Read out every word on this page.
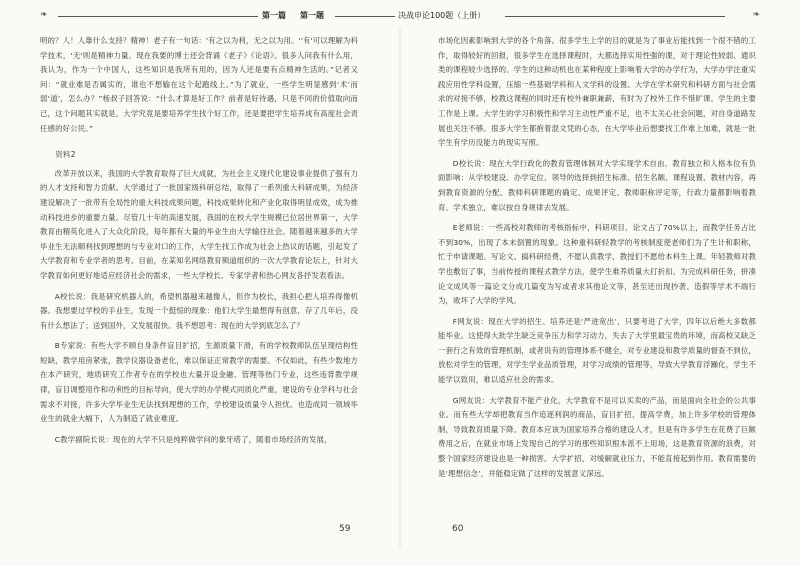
❧	第一篇 第一题	决战申论100题（上册）	❧

明的？人！人靠什么支持？精神！老子有一句话：'有之以为利，无之以为用。''有'可以理解为科学技术，'无'则是精神力量。现在我要的博士还会背诵《老子》《论语》。很多人问我有什么用，我认为，作为一个中国人，这些知识是我所有用的，因为人还是要有点精神生活的。”记者又问：“就业难是否属实的，谁也不想输在这个起跑线上。”为了就业，一些学生明显感到‘术’而弱‘道’，怎么办？”杨叔子回答说：“什么才算是好工作？前者是好待遇，只是不同的价值取向而已，这个问题其实就是，大学究竟是要培养学生找个好工作，还是要把学生培养成有高度社会责任感的好公民。”

资料2

改革开放以来，我国的大学教育取得了巨大成就，为社会主义现代化建设事业提供了强有力的人才支持和智力贡献。大学通过了一批国家级科研总结，取得了一系列重大科研成果，为经济建设解决了一批带有全局性的重大科技成果问题，科技成果转化和产业化取得明显成效，成为推动科技进步的重要力量。尽管几十年的高速发展，我国的在校大学生规模已位居世界第一，大学教育由精英化进入了大众化阶段，每年都有大量的毕业生由大学输往社会。随着越来越多的大学毕业生无法顺利找到理想的与专业对口的工作，大学生找工作成为社会上热议的话题，引起发了大学教育和专业学者的思考。目前，在某知名网络教育频道组织的一次大学教育论坛上，针对大学教育如何更好地适应经济社会的需求，一些大学校长、专家学者和热心网友各抒发表看法。

A校长说：我是研究机器人的，希望机器越来越像人，但作为校长，我担心把人培养得像机器。我想要过学校的手业生，发现一个挺惊的现象：他们大学生最想得有创意，存了几年后，没有什么想法了；送到国外，又发展很快。我不想思考：现在的大学到底怎么了？

B专家说：有些大学不顾自身条件盲目扩招，生源质量下滑，有的学校教师队伍呈现结构性短缺，教学用房紧张，教学仪器设备老化，难以保证正常教学的需要。不仅如此，有些少数地方在本产研究，地质研究工作者专在的学校也大量开设金融、管理等热门专业，这些违背教学规律，盲目调整用作和功利性的目标导向，使大学的办学模式同质化严重，建设的专业学科与社会需求不对接，许多大学毕业生无法找到理想的工作，学校建设质量令人担忧。也造成同一领域毕业生的就业大幅下，人为制造了就业难度。

C教学副院长说：现在的大学不只是纯粹做学问的象牙塔了，随着市场经济的发展，

市场化因素影响到大学的各个角落。很多学生上学的目的就是为了事业后能找到一个很不错的工作，取得较好的回报，很多学生在选择课程时，大都选择实用性强的课，对于理论性较弱、通识类的课程较少选择的。学生的这种动机也在某种程度上影响着大学的办学行为，大学办学注重实践应用性学科设置，压缩一些基础学科和人文学科的设置。大学在学术研究和科研方面与社会需求的对接不够，校教这课程的同时还有校外兼职兼薪，有时为了校外工作不惜旷课。学生的主要工作是上课。大学生的学习积极性和学习主动性严重不足，也不太关心社会问题，对自身道路发展也关注不够。很多大学生都抱着混文凭的心态，在大学毕业后想要找工作难上加难，就是一批学生有学历没能力的现实写照。

D校长说：现在大学行政化的教育管理体制对大学实现学术自由、教育独立和人格本位有负面影响：从学校建设、办学定位、领导的选择到招生标准、招生名额、课程设置、教材内容，再到教育资源的分配、教师科研课题的确定、成果评定、教师职称评定等，行政力量都影响着教育、学术独立，难以按自身规律去发展。

E老师说：一些高校对教师的考核指标中，科研项目、论文占了70%以上，而教学任务占比不到30%，出现了本末倒置的现象。这种重科研轻教学的考核制度使老师们为了生计和职称，忙于申请课题、写论文、搞科研经费，不愿认真教学，教授们不愿给本科生上课。年轻教师对教学也敷衍了事，当前传授的课程式教学方法，使学生难养质量大打折扣。为完成科研任务，拼凑论文成风等一篇论文分成几篇变为写或者求其他论文等，甚至还出现抄袭、造假等学术不端行为，败坏了大学的学风。

F网友说：现在大学的招生、培养还是‘严进宽出’，只要考进了大学，四年以后绝大多数都能毕业。这使得大批学生缺乏竞争压力和学习动力，失去了大学里最宝贵的环境，而高校又缺乏一套行之有效的管理机制，或者说有的管理体系不健全，对专业建设和教学质量的督查不到位，放松对学生的管理，对学生学业品质管理，对学习成绩的管理等，导致大学教育浮躁化，学生不能学以致用，难以适应社会的需求。

G网友说：大学教育不能产业化，大学教育不是可以买卖的产品，而是面向全社会的公共事业。而有些大学却把教育当作追逐利润的商品，盲目扩招，提高学费，加上许多学校的管理体制，导致教育质量下降。教育本应该为国家培养合格的建设人才，但是有许多学生在花费了巨额费用之后，在就业市场上发现自己的学习的那些知识根本派不上用场，这是教育资源的浪费，对整个国家经济建设也是一种损害。大学扩招，对缓解就业压力，不能直接起到作用。教育需要的是‘理想信念’，并能稳定做了这样的发展意义深远。

59	60
